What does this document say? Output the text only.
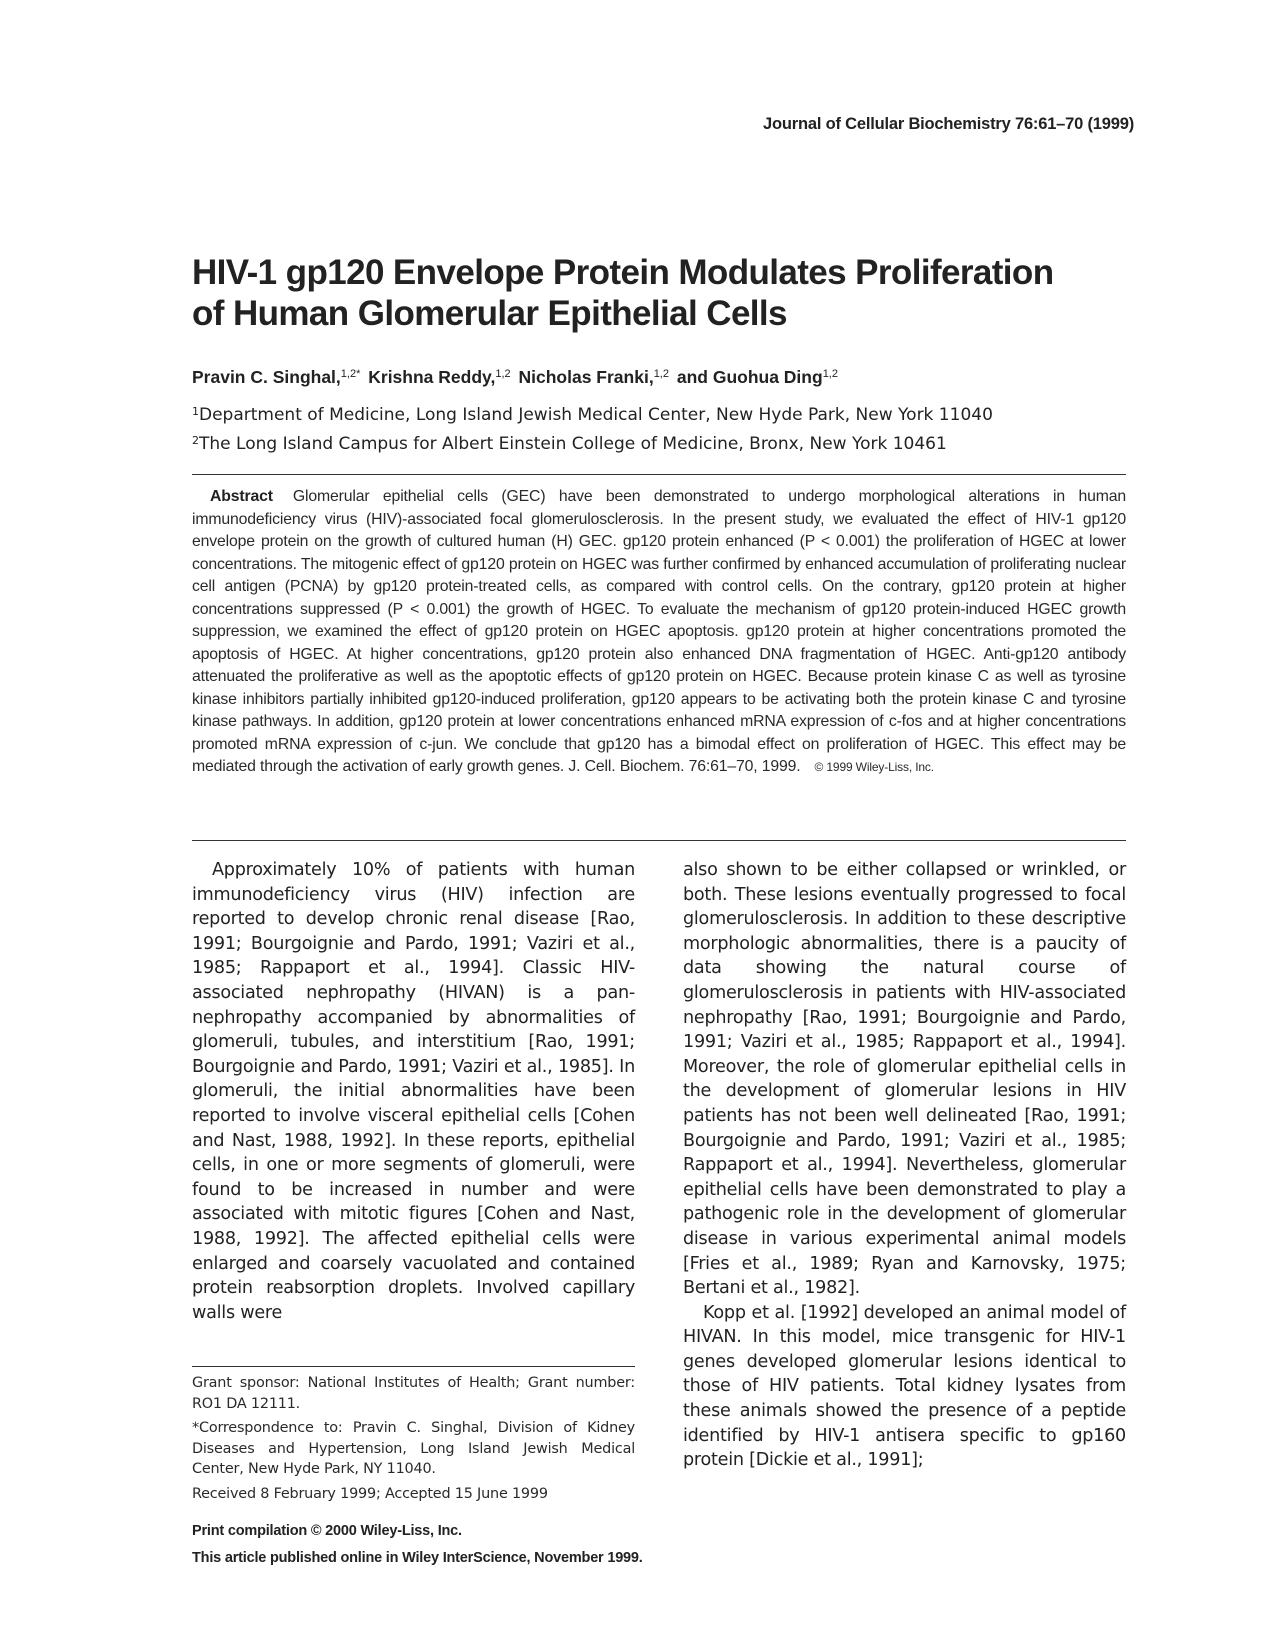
Journal of Cellular Biochemistry 76:61–70 (1999)
HIV-1 gp120 Envelope Protein Modulates Proliferation
of Human Glomerular Epithelial Cells
Pravin C. Singhal,$^{1,2*}$ Krishna Reddy,$^{1,2}$ Nicholas Franki,$^{1,2}$ and Guohua Ding$^{1,2}$
$^1$Department of Medicine, Long Island Jewish Medical Center, New Hyde Park, New York 11040
$^2$The Long Island Campus for Albert Einstein College of Medicine, Bronx, New York 10461
Abstract Glomerular epithelial cells (GEC) have been demonstrated to undergo morphological alterations in human immunodeficiency virus (HIV)-associated focal glomerulosclerosis. In the present study, we evaluated the effect of HIV-1 gp120 envelope protein on the growth of cultured human (H) GEC. gp120 protein enhanced (P < 0.001) the proliferation of HGEC at lower concentrations. The mitogenic effect of gp120 protein on HGEC was further confirmed by enhanced accumulation of proliferating nuclear cell antigen (PCNA) by gp120 protein-treated cells, as compared with control cells. On the contrary, gp120 protein at higher concentrations suppressed (P < 0.001) the growth of HGEC. To evaluate the mechanism of gp120 protein-induced HGEC growth suppression, we examined the effect of gp120 protein on HGEC apoptosis. gp120 protein at higher concentrations promoted the apoptosis of HGEC. At higher concentrations, gp120 protein also enhanced DNA fragmentation of HGEC. Anti-gp120 antibody attenuated the proliferative as well as the apoptotic effects of gp120 protein on HGEC. Because protein kinase C as well as tyrosine kinase inhibitors partially inhibited gp120-induced proliferation, gp120 appears to be activating both the protein kinase C and tyrosine kinase pathways. In addition, gp120 protein at lower concentrations enhanced mRNA expression of c-fos and at higher concentrations promoted mRNA expression of c-jun. We conclude that gp120 has a bimodal effect on proliferation of HGEC. This effect may be mediated through the activation of early growth genes. J. Cell. Biochem. 76:61–70, 1999. © 1999 Wiley-Liss, Inc.

Approximately 10% of patients with human immunodeficiency virus (HIV) infection are reported to develop chronic renal disease [Rao, 1991; Bourgoignie and Pardo, 1991; Vaziri et al., 1985; Rappaport et al., 1994]. Classic HIV-associated nephropathy (HIVAN) is a pan-nephropathy accompanied by abnormalities of glomeruli, tubules, and interstitium [Rao, 1991; Bourgoignie and Pardo, 1991; Vaziri et al., 1985]. In glomeruli, the initial abnormalities have been reported to involve visceral epithelial cells [Cohen and Nast, 1988, 1992]. In these reports, epithelial cells, in one or more segments of glomeruli, were found to be increased in number and were associated with mitotic figures [Cohen and Nast, 1988, 1992]. The affected epithelial cells were enlarged and coarsely vacuolated and contained protein reabsorption droplets. Involved capillary walls were

also shown to be either collapsed or wrinkled, or both. These lesions eventually progressed to focal glomerulosclerosis. In addition to these descriptive morphologic abnormalities, there is a paucity of data showing the natural course of glomerulosclerosis in patients with HIV-associated nephropathy [Rao, 1991; Bourgoignie and Pardo, 1991; Vaziri et al., 1985; Rappaport et al., 1994]. Moreover, the role of glomerular epithelial cells in the development of glomerular lesions in HIV patients has not been well delineated [Rao, 1991; Bourgoignie and Pardo, 1991; Vaziri et al., 1985; Rappaport et al., 1994]. Nevertheless, glomerular epithelial cells have been demonstrated to play a pathogenic role in the development of glomerular disease in various experimental animal models [Fries et al., 1989; Ryan and Karnovsky, 1975; Bertani et al., 1982].

Kopp et al. [1992] developed an animal model of HIVAN. In this model, mice transgenic for HIV-1 genes developed glomerular lesions identical to those of HIV patients. Total kidney lysates from these animals showed the presence of a peptide identified by HIV-1 antisera specific to gp160 protein [Dickie et al., 1991];

Grant sponsor: National Institutes of Health; Grant number: RO1 DA 12111.

*Correspondence to: Pravin C. Singhal, Division of Kidney Diseases and Hypertension, Long Island Jewish Medical Center, New Hyde Park, NY 11040.

Received 8 February 1999; Accepted 15 June 1999

Print compilation © 2000 Wiley-Liss, Inc.
This article published online in Wiley InterScience, November 1999.
